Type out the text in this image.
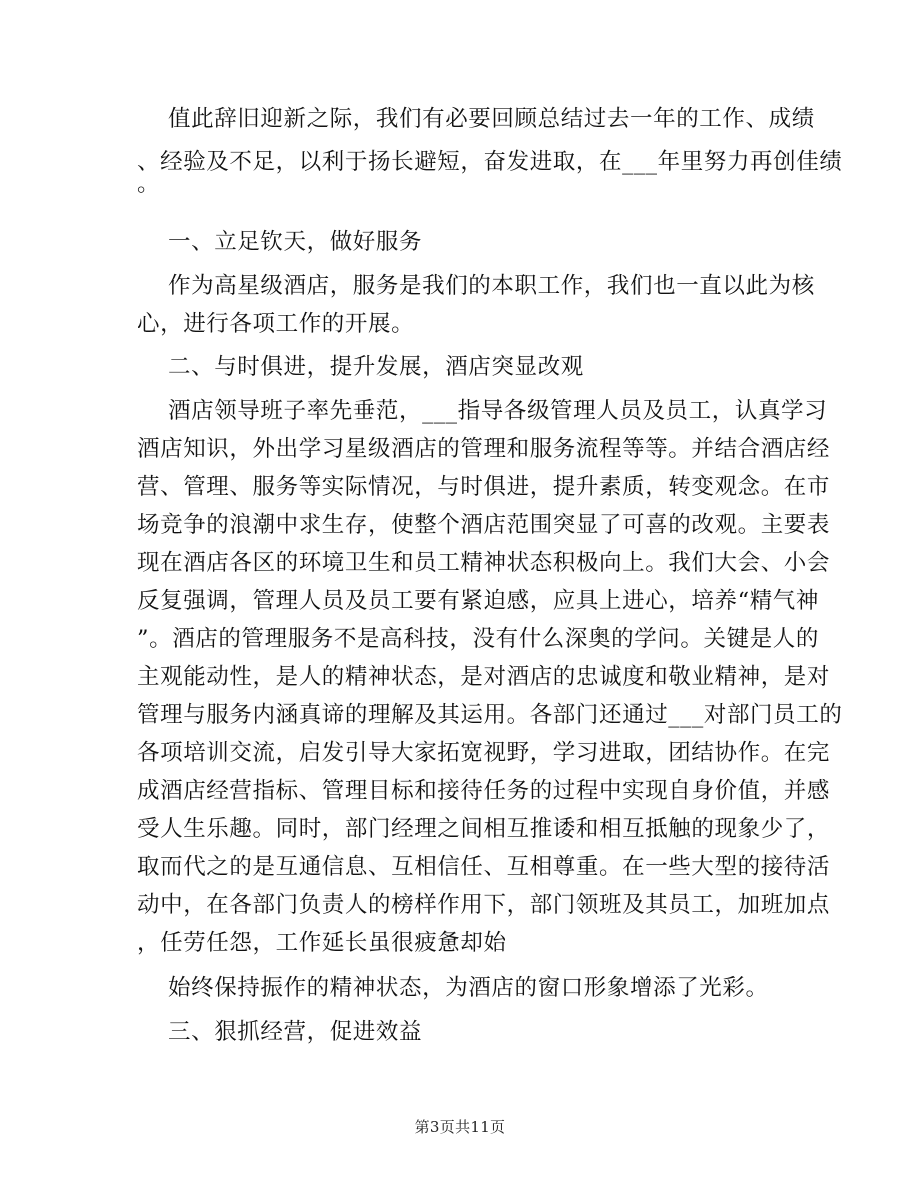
值此辞旧迎新之际，我们有必要回顾总结过去一年的工作、成绩
、经验及不足，以利于扬长避短，奋发进取，在___年里努力再创佳绩
。
一、立足钦天，做好服务
作为高星级酒店，服务是我们的本职工作，我们也一直以此为核
心，进行各项工作的开展。
二、与时俱进，提升发展，酒店突显改观
酒店领导班子率先垂范，___指导各级管理人员及员工，认真学习
酒店知识，外出学习星级酒店的管理和服务流程等等。并结合酒店经
营、管理、服务等实际情况，与时俱进，提升素质，转变观念。在市
场竞争的浪潮中求生存，使整个酒店范围突显了可喜的改观。主要表
现在酒店各区的环境卫生和员工精神状态积极向上。我们大会、小会
反复强调，管理人员及员工要有紧迫感，应具上进心，培养“精气神
”。酒店的管理服务不是高科技，没有什么深奥的学问。关键是人的
主观能动性，是人的精神状态，是对酒店的忠诚度和敬业精神，是对
管理与服务内涵真谛的理解及其运用。各部门还通过___对部门员工的
各项培训交流，启发引导大家拓宽视野，学习进取，团结协作。在完
成酒店经营指标、管理目标和接待任务的过程中实现自身价值，并感
受人生乐趣。同时，部门经理之间相互推诿和相互抵触的现象少了，
取而代之的是互通信息、互相信任、互相尊重。在一些大型的接待活
动中，在各部门负责人的榜样作用下，部门领班及其员工，加班加点
，任劳任怨，工作延长虽很疲惫却始
始终保持振作的精神状态，为酒店的窗口形象增添了光彩。
三、狠抓经营，促进效益
第3页共11页
